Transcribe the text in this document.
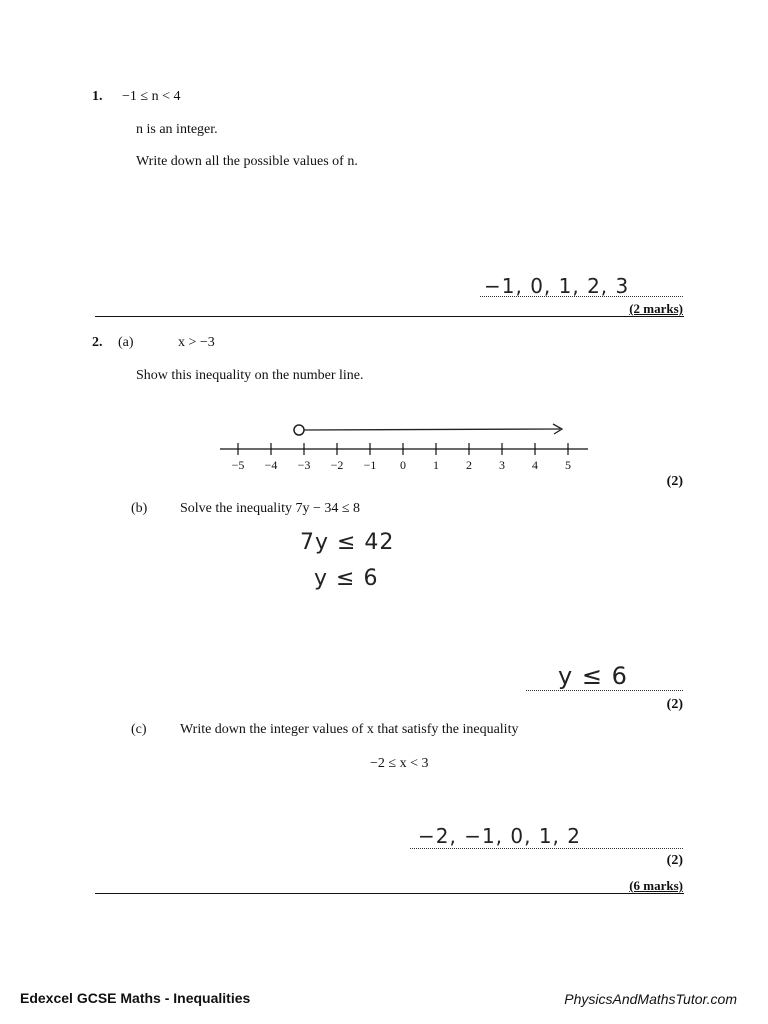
1. −1 ≤ n < 4
n is an integer.
Write down all the possible values of n.
−1, 0, 1, 2, 3
(2 marks)
2. (a)	x > −3
Show this inequality on the number line.
−5 −4 −3 −2 −1 0 1 2 3 4 5
(2)
(b) Solve the inequality 7y − 34 ≤ 8
7y ≤ 42
y ≤ 6
y ≤ 6
(2)
(c) Write down the integer values of x that satisfy the inequality
−2 ≤ x < 3
−2, −1, 0, 1, 2
(2)
(6 marks)
Edexcel GCSE Maths - Inequalities	PhysicsAndMathsTutor.com
